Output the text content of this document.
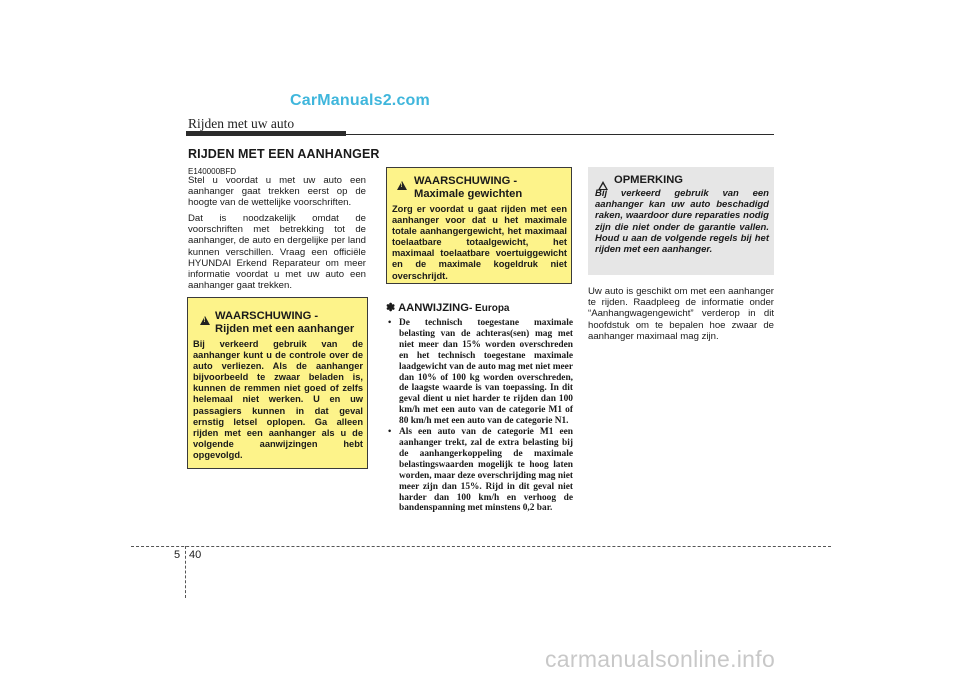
CarManuals2.com
Rijden met uw auto
RIJDEN MET EEN AANHANGER
E140000BFD
Stel u voordat u met uw auto een aanhanger gaat trekken eerst op de hoogte van de wettelijke voorschriften.
Dat is noodzakelijk omdat de voorschriften met betrekking tot de aanhanger, de auto en dergelijke per land kunnen verschillen. Vraag een officiële HYUNDAI Erkend Reparateur om meer informatie voordat u met uw auto een aanhanger gaat trekken.
!
WAARSCHUWING -
Rijden met een aanhanger
Bij verkeerd gebruik van de aanhanger kunt u de controle over de auto verliezen. Als de aanhanger bijvoorbeeld te zwaar beladen is, kunnen de remmen niet goed of zelfs helemaal niet werken. U en uw passagiers kunnen in dat geval ernstig letsel oplopen. Ga alleen rijden met een aanhanger als u de volgende aanwijzingen hebt opgevolgd.
!
WAARSCHUWING -
Maximale gewichten
Zorg er voordat u gaat rijden met een aanhanger voor dat u het maximale totale aanhangergewicht, het maximaal toelaatbare totaalgewicht, het maximaal toelaatbare voertuiggewicht en de maximale kogeldruk niet overschrijdt.
✽ AANWIJZING- Europa
• De technisch toegestane maximale belasting van de achteras(sen) mag met niet meer dan 15% worden overschreden en het technisch toegestane maximale laadgewicht van de auto mag met niet meer dan 10% of 100 kg worden overschreden, de laagste waarde is van toepassing. In dit geval dient u niet harder te rijden dan 100 km/h met een auto van de categorie M1 of 80 km/h met een auto van de categorie N1.
• Als een auto van de categorie M1 een aanhanger trekt, zal de extra belasting bij de aanhangerkoppeling de maximale belastingswaarden mogelijk te hoog laten worden, maar deze overschrijding mag niet meer zijn dan 15%. Rijd in dit geval niet harder dan 100 km/h en verhoog de bandenspanning met minstens 0,2 bar.
OPMERKING
Bij verkeerd gebruik van een aanhanger kan uw auto beschadigd raken, waardoor dure reparaties nodig zijn die niet onder de garantie vallen. Houd u aan de volgende regels bij het rijden met een aanhanger.
Uw auto is geschikt om met een aanhanger te rijden. Raadpleeg de informatie onder “Aanhangwagengewicht” verderop in dit hoofdstuk om te bepalen hoe zwaar de aanhanger maximaal mag zijn.
5 40
carmanualsonline.info
